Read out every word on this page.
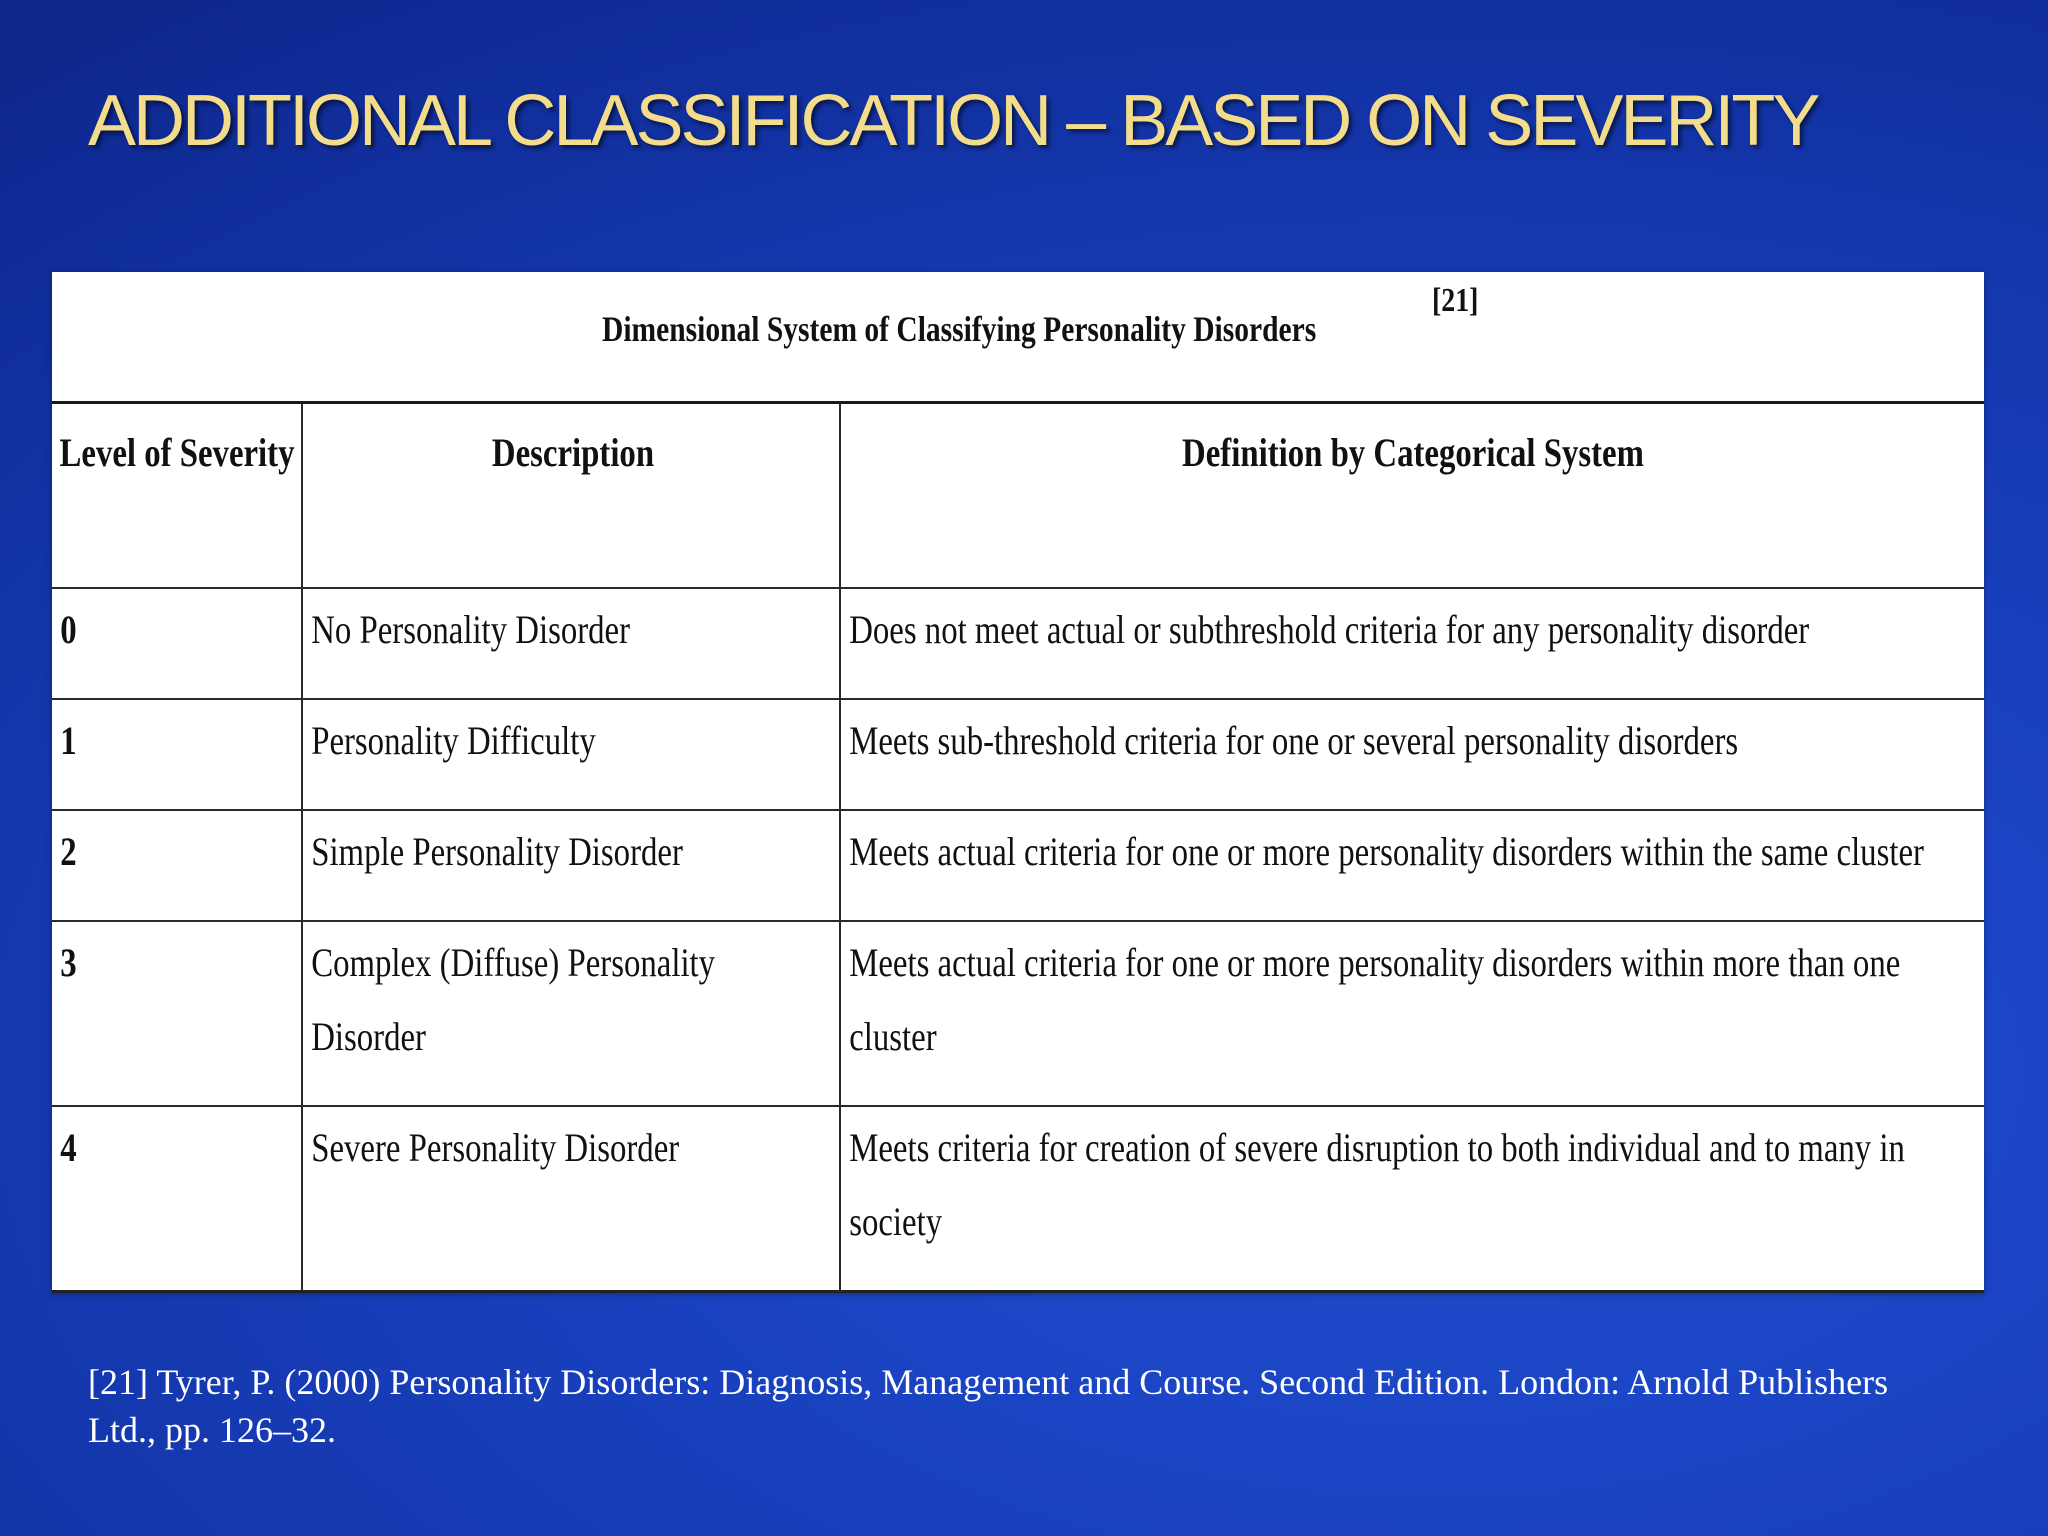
ADDITIONAL CLASSIFICATION – BASED ON SEVERITY
Dimensional System of Classifying Personality Disorders
[21]
Level of Severity	Description	Definition by Categorical System

0	No Personality Disorder	Does not meet actual or subthreshold criteria for any personality disorder

1	Personality Difficulty	Meets sub-threshold criteria for one or several personality disorders

2	Simple Personality Disorder	Meets actual criteria for one or more personality disorders within the same cluster

3	Complex (Diffuse) Personality Disorder	Meets actual criteria for one or more personality disorders within more than one cluster

4	Severe Personality Disorder	Meets criteria for creation of severe disruption to both individual and to many in society

[21] Tyrer, P. (2000) Personality Disorders: Diagnosis, Management and Course. Second Edition. London: Arnold Publishers Ltd., pp. 126–32.
